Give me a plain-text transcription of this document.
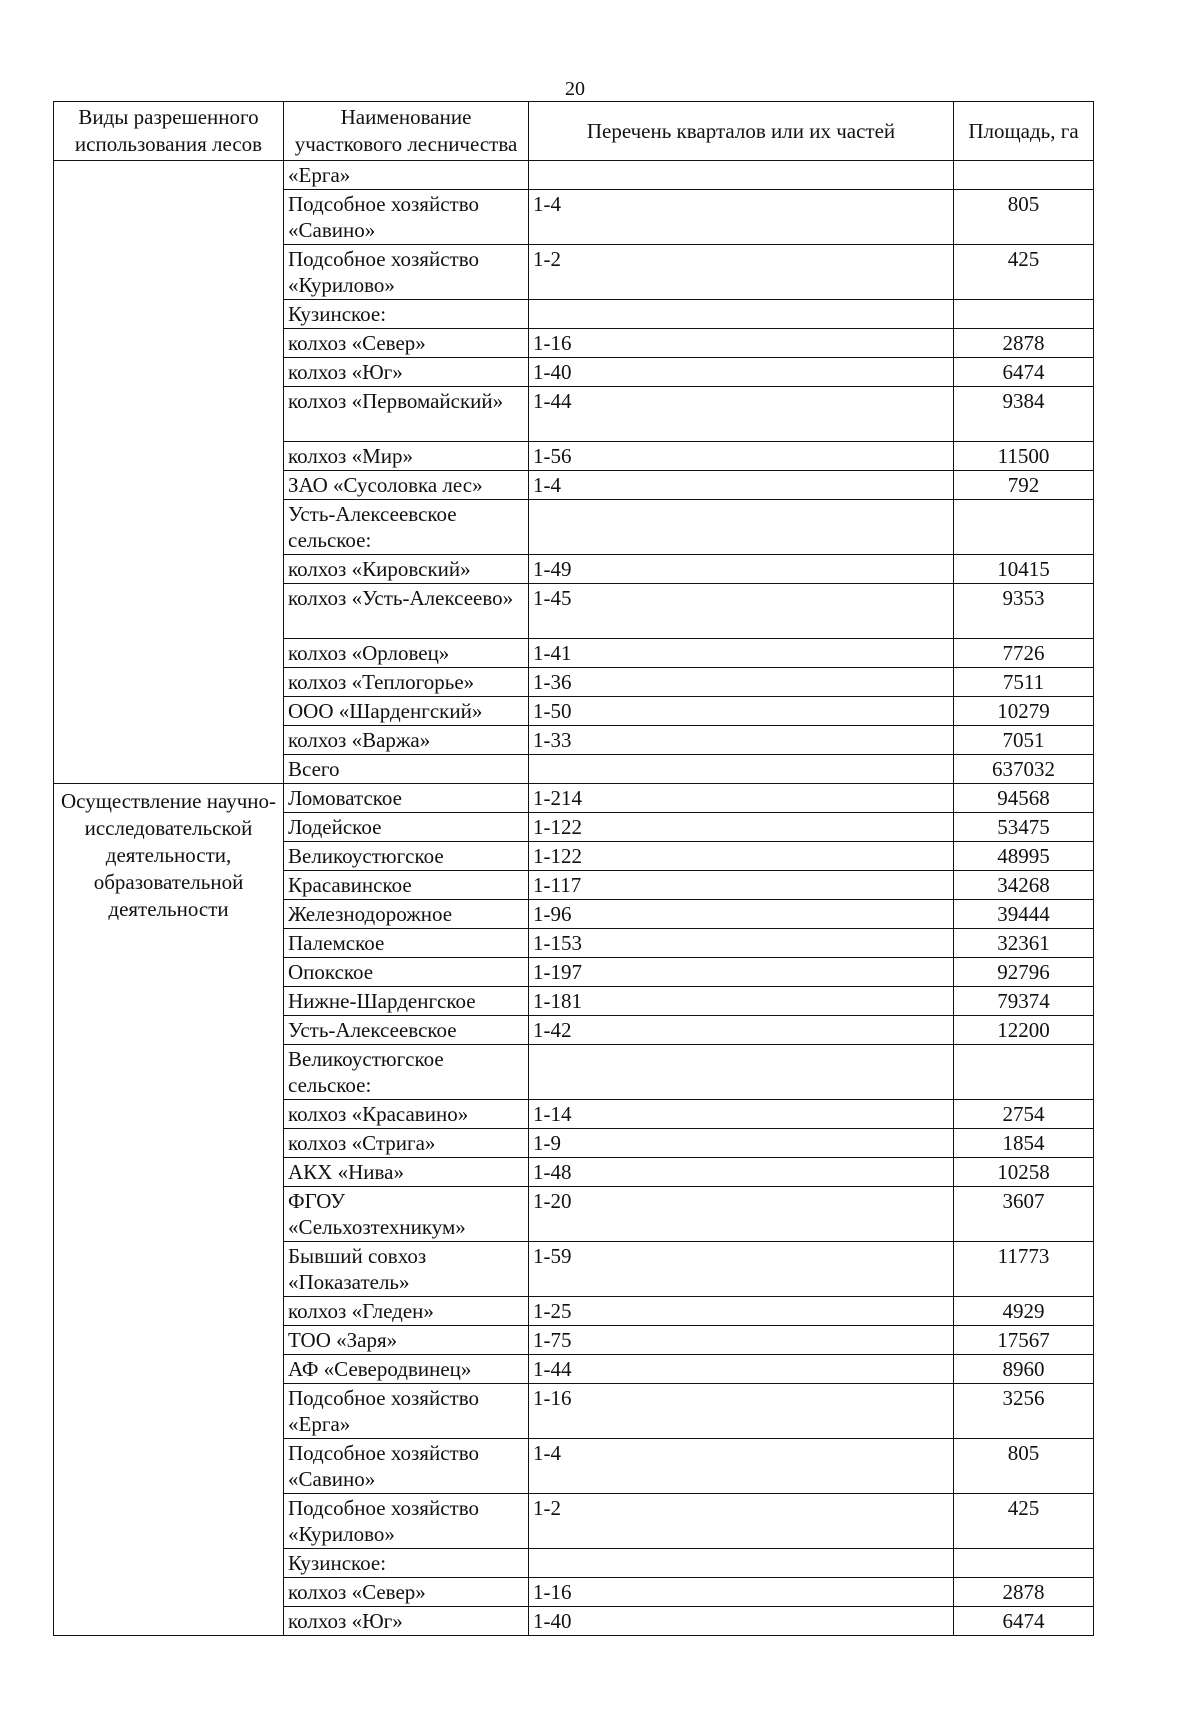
20
Виды разрешенного использования лесов	Наименование участкового лесничества	Перечень кварталов или их частей	Площадь, га
	«Ерга»		
	Подсобное хозяйство «Савино»	1-4	805
	Подсобное хозяйство «Курилово»	1-2	425
	Кузинское:		
	колхоз «Север»	1-16	2878
	колхоз «Юг»	1-40	6474
	колхоз «Первомайский»	1-44	9384
	колхоз «Мир»	1-56	11500
	ЗАО «Сусоловка лес»	1-4	792
	Усть-Алексеевское сельское:		
	колхоз «Кировский»	1-49	10415
	колхоз «Усть-Алексеево»	1-45	9353
	колхоз «Орловец»	1-41	7726
	колхоз «Теплогорье»	1-36	7511
	ООО «Шарденгский»	1-50	10279
	колхоз «Варжа»	1-33	7051
	Всего		637032
Осуществление научно-исследовательской деятельности, образовательной деятельности	Ломоватское	1-214	94568
	Лодейское	1-122	53475
	Великоустюгское	1-122	48995
	Красавинское	1-117	34268
	Железнодорожное	1-96	39444
	Палемское	1-153	32361
	Опокское	1-197	92796
	Нижне-Шарденгское	1-181	79374
	Усть-Алексеевское	1-42	12200
	Великоустюгское сельское:		
	колхоз «Красавино»	1-14	2754
	колхоз «Стрига»	1-9	1854
	АКХ «Нива»	1-48	10258
	ФГОУ «Сельхозтехникум»	1-20	3607
	Бывший совхоз «Показатель»	1-59	11773
	колхоз «Гледен»	1-25	4929
	ТОО «Заря»	1-75	17567
	АФ «Северодвинец»	1-44	8960
	Подсобное хозяйство «Ерга»	1-16	3256
	Подсобное хозяйство «Савино»	1-4	805
	Подсобное хозяйство «Курилово»	1-2	425
	Кузинское:		
	колхоз «Север»	1-16	2878
	колхоз «Юг»	1-40	6474
